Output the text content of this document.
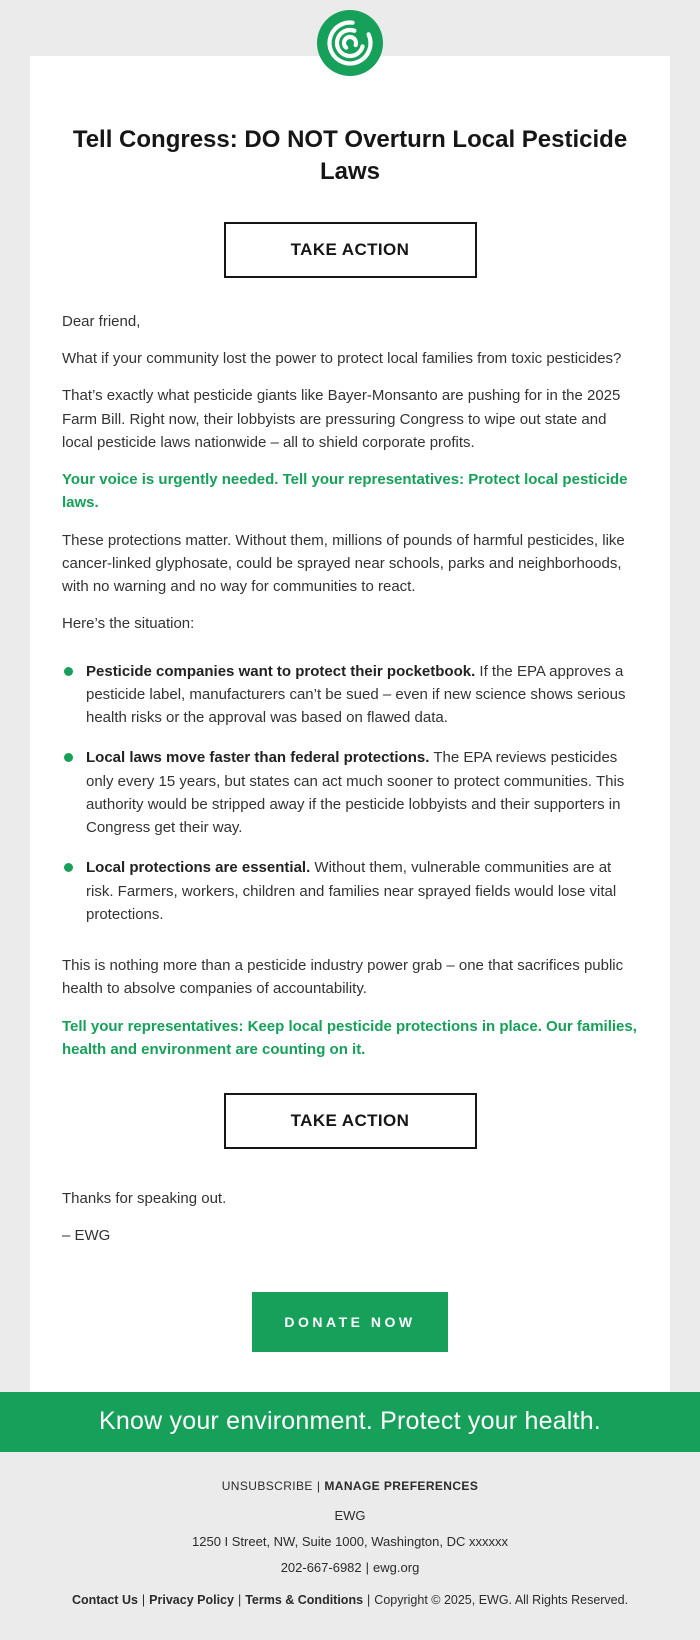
Tell Congress: DO NOT Overturn Local Pesticide Laws
TAKE ACTION

Dear friend,

What if your community lost the power to protect local families from toxic pesticides?

That’s exactly what pesticide giants like Bayer-Monsanto are pushing for in the 2025 Farm Bill. Right now, their lobbyists are pressuring Congress to wipe out state and local pesticide laws nationwide – all to shield corporate profits.

Your voice is urgently needed. Tell your representatives: Protect local pesticide laws.

These protections matter. Without them, millions of pounds of harmful pesticides, like cancer-linked glyphosate, could be sprayed near schools, parks and neighborhoods, with no warning and no way for communities to react.

Here’s the situation:

Pesticide companies want to protect their pocketbook. If the EPA approves a pesticide label, manufacturers can’t be sued – even if new science shows serious health risks or the approval was based on flawed data.
Local laws move faster than federal protections. The EPA reviews pesticides only every 15 years, but states can act much sooner to protect communities. This authority would be stripped away if the pesticide lobbyists and their supporters in Congress get their way.
Local protections are essential. Without them, vulnerable communities are at risk. Farmers, workers, children and families near sprayed fields would lose vital protections.

This is nothing more than a pesticide industry power grab – one that sacrifices public health to absolve companies of accountability.

Tell your representatives: Keep local pesticide protections in place. Our families, health and environment are counting on it.

TAKE ACTION

Thanks for speaking out.

– EWG

DONATE NOW
Know your environment. Protect your health.

UNSUBSCRIBE | MANAGE PREFERENCES

EWG

1250 I Street, NW, Suite 1000, Washington, DC xxxxxx

202-667-6982 | ewg.org

Contact Us | Privacy Policy | Terms & Conditions | Copyright © 2025, EWG. All Rights Reserved.
